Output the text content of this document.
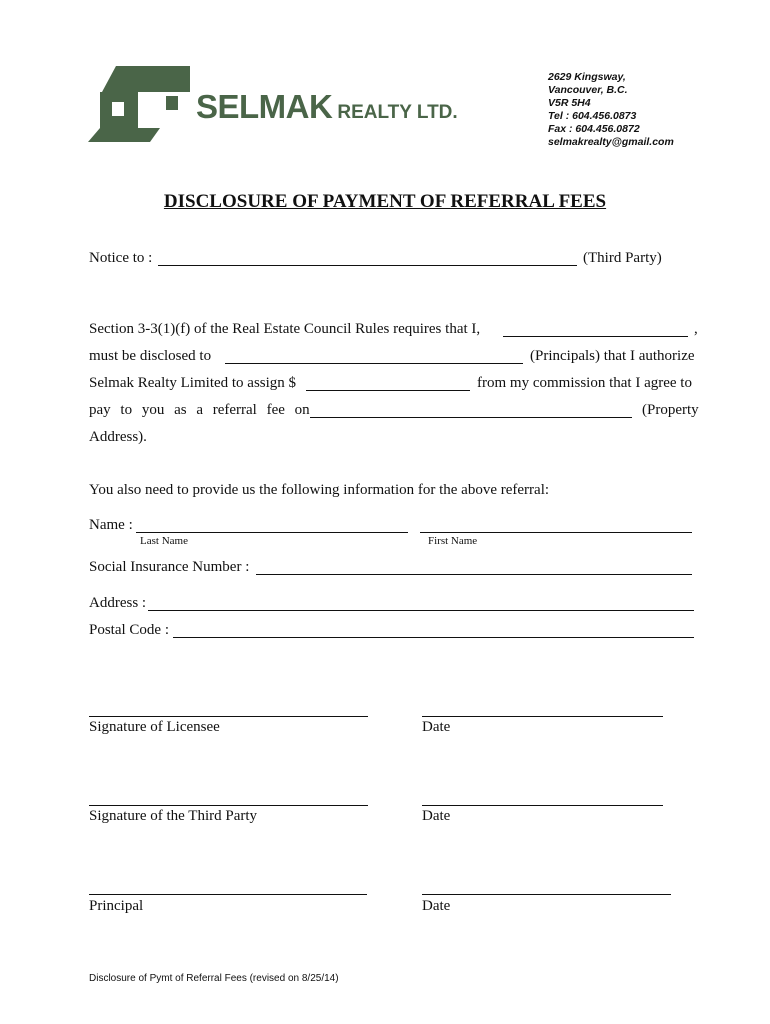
SELMAK REALTY LTD.
2629 Kingsway,
Vancouver, B.C.
V5R 5H4
Tel : 604.456.0873
Fax : 604.456.0872
selmakrealty@gmail.com
DISCLOSURE OF PAYMENT OF REFERRAL FEES
Notice to :	(Third Party)
Section 3-3(1)(f) of the Real Estate Council Rules requires that I,	,
must be disclosed to	(Principals) that I authorize
Selmak Realty Limited to assign $	from my commission that I agree to
pay to you as a referral fee on	(Property
Address).
You also need to provide us the following information for the above referral:
Name :
Last Name	First Name
Social Insurance Number :
Address :
Postal Code :
Signature of Licensee	Date
Signature of the Third Party	Date
Principal	Date
Disclosure of Pymt of Referral Fees (revised on 8/25/14)
